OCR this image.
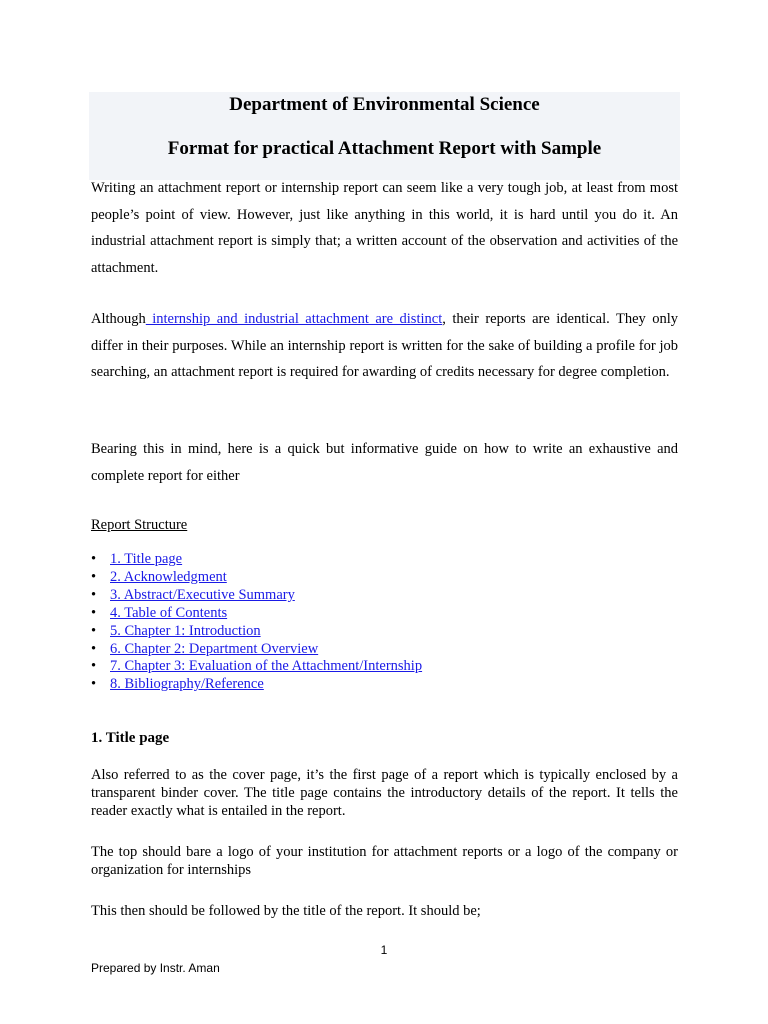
Department of Environmental Science
Format for practical Attachment Report with Sample
Writing an attachment report or internship report can seem like a very tough job, at least from most people’s point of view. However, just like anything in this world, it is hard until you do it. An industrial attachment report is simply that; a written account of the observation and activities of the attachment.
Although internship and industrial attachment are distinct, their reports are identical. They only differ in their purposes. While an internship report is written for the sake of building a profile for job searching, an attachment report is required for awarding of credits necessary for degree completion.
Bearing this in mind, here is a quick but informative guide on how to write an exhaustive and complete report for either
Report Structure
• 1. Title page
• 2. Acknowledgment
• 3. Abstract/Executive Summary
• 4. Table of Contents
• 5. Chapter 1: Introduction
• 6. Chapter 2: Department Overview
• 7. Chapter 3: Evaluation of the Attachment/Internship
• 8. Bibliography/Reference
1. Title page
Also referred to as the cover page, it’s the first page of a report which is typically enclosed by a transparent binder cover. The title page contains the introductory details of the report. It tells the reader exactly what is entailed in the report.
The top should bare a logo of your institution for attachment reports or a logo of the company or organization for internships
This then should be followed by the title of the report. It should be;
1
Prepared by Instr. Aman
